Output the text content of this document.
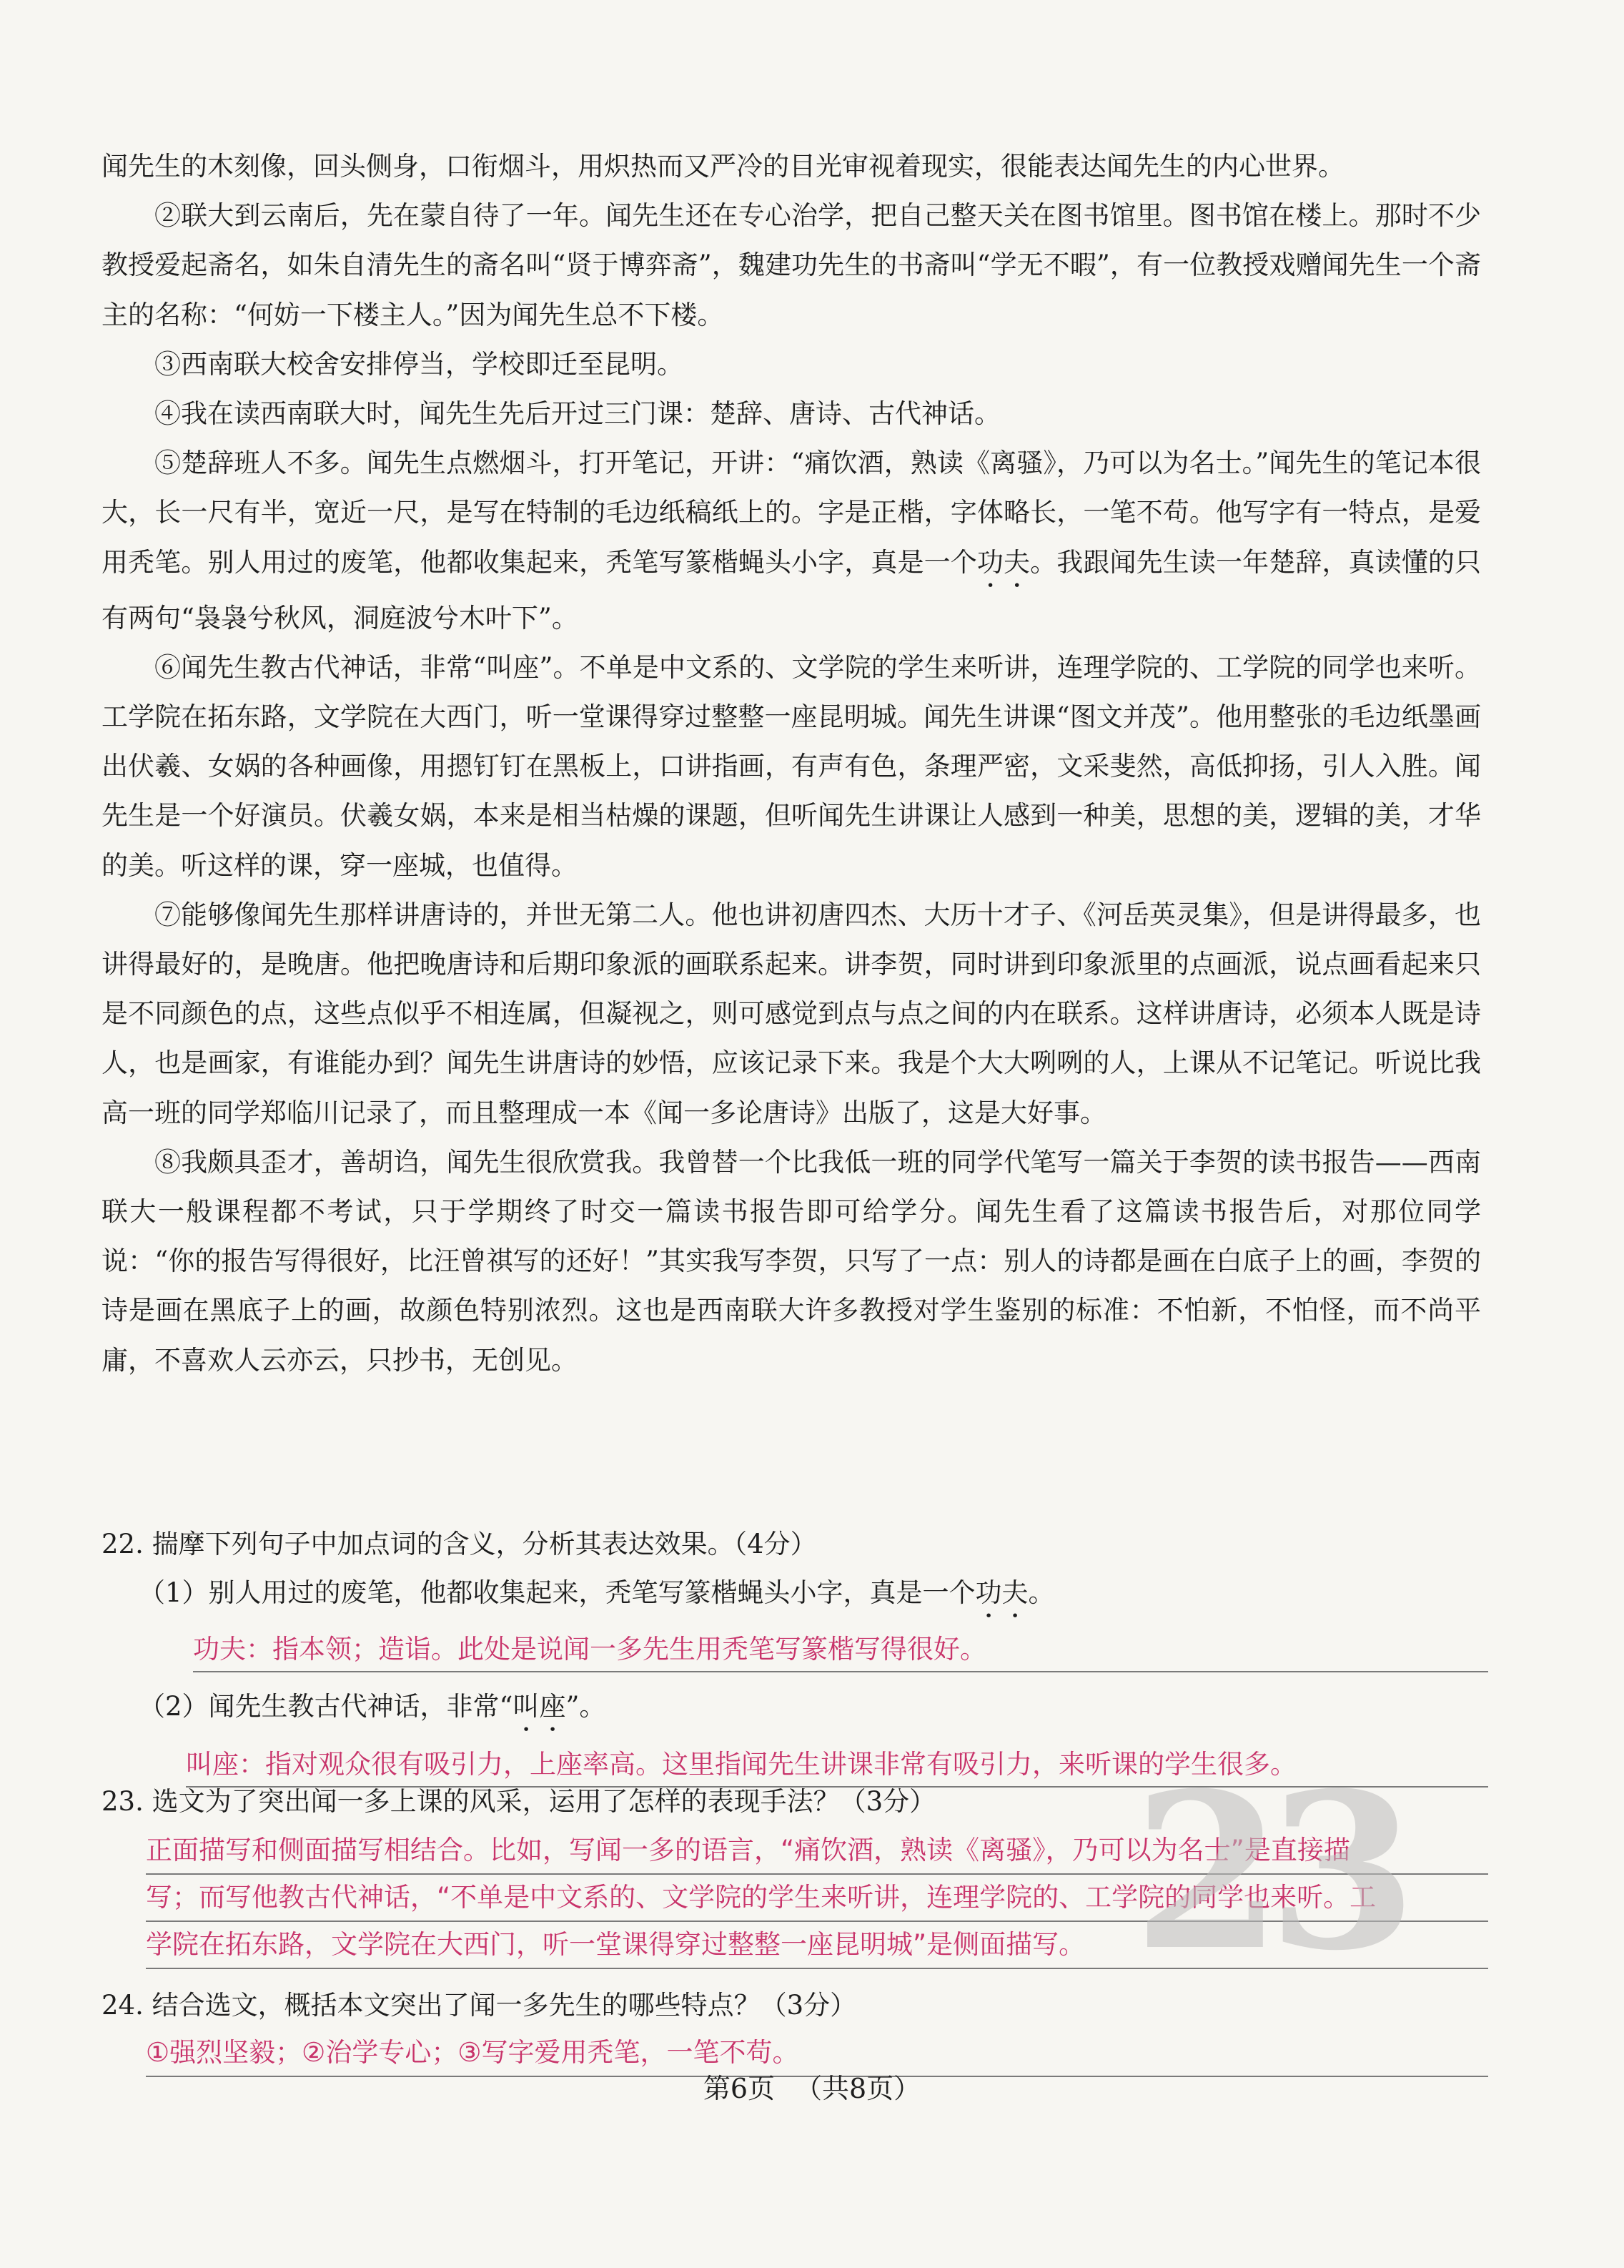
闻先生的木刻像，回头侧身，口衔烟斗，用炽热而又严冷的目光审视着现实，很能表达闻先生的内心世界。

②联大到云南后，先在蒙自待了一年。闻先生还在专心治学，把自己整天关在图书馆里。图书馆在楼上。那时不少教授爱起斋名，如朱自清先生的斋名叫“贤于博弈斋”，魏建功先生的书斋叫“学无不暇”，有一位教授戏赠闻先生一个斋主的名称：“何妨一下楼主人。”因为闻先生总不下楼。

③西南联大校舍安排停当，学校即迁至昆明。

④我在读西南联大时，闻先生先后开过三门课：楚辞、唐诗、古代神话。

⑤楚辞班人不多。闻先生点燃烟斗，打开笔记，开讲：“痛饮酒，熟读《离骚》，乃可以为名士。”闻先生的笔记本很大，长一尺有半，宽近一尺，是写在特制的毛边纸稿纸上的。字是正楷，字体略长，一笔不苟。他写字有一特点，是爱用秃笔。别人用过的废笔，他都收集起来，秃笔写篆楷蝇头小字，真是一个功夫。我跟闻先生读一年楚辞，真读懂的只有两句“袅袅兮秋风，洞庭波兮木叶下”。

⑥闻先生教古代神话，非常“叫座”。不单是中文系的、文学院的学生来听讲，连理学院的、工学院的同学也来听。工学院在拓东路，文学院在大西门，听一堂课得穿过整整一座昆明城。闻先生讲课“图文并茂”。他用整张的毛边纸墨画出伏羲、女娲的各种画像，用摁钉钉在黑板上，口讲指画，有声有色，条理严密，文采斐然，高低抑扬，引人入胜。闻先生是一个好演员。伏羲女娲，本来是相当枯燥的课题，但听闻先生讲课让人感到一种美，思想的美，逻辑的美，才华的美。听这样的课，穿一座城，也值得。

⑦能够像闻先生那样讲唐诗的，并世无第二人。他也讲初唐四杰、大历十才子、《河岳英灵集》，但是讲得最多，也讲得最好的，是晚唐。他把晚唐诗和后期印象派的画联系起来。讲李贺，同时讲到印象派里的点画派，说点画看起来只是不同颜色的点，这些点似乎不相连属，但凝视之，则可感觉到点与点之间的内在联系。这样讲唐诗，必须本人既是诗人，也是画家，有谁能办到？闻先生讲唐诗的妙悟，应该记录下来。我是个大大咧咧的人，上课从不记笔记。听说比我高一班的同学郑临川记录了，而且整理成一本《闻一多论唐诗》出版了，这是大好事。

⑧我颇具歪才，善胡诌，闻先生很欣赏我。我曾替一个比我低一班的同学代笔写一篇关于李贺的读书报告——西南联大一般课程都不考试，只于学期终了时交一篇读书报告即可给学分。闻先生看了这篇读书报告后，对那位同学说：“你的报告写得很好，比汪曾祺写的还好！”其实我写李贺，只写了一点：别人的诗都是画在白底子上的画，李贺的诗是画在黑底子上的画，故颜色特别浓烈。这也是西南联大许多教授对学生鉴别的标准：不怕新，不怕怪，而不尚平庸，不喜欢人云亦云，只抄书，无创见。

22. 揣摩下列句子中加点词的含义，分析其表达效果。（4分）

（1）别人用过的废笔，他都收集起来，秃笔写篆楷蝇头小字，真是一个功夫。

功夫：指本领；造诣。此处是说闻一多先生用秃笔写篆楷写得很好。

（2）闻先生教古代神话，非常“叫座”。

叫座：指对观众很有吸引力，上座率高。这里指闻先生讲课非常有吸引力，来听课的学生很多。

23. 选文为了突出闻一多上课的风采，运用了怎样的表现手法？（3分）

正面描写和侧面描写相结合。比如，写闻一多的语言，“痛饮酒，熟读《离骚》，乃可以为名士”是直接描

写；而写他教古代神话，“不单是中文系的、文学院的学生来听讲，连理学院的、工学院的同学也来听。工

学院在拓东路，文学院在大西门，听一堂课得穿过整整一座昆明城”是侧面描写。 23

24. 结合选文，概括本文突出了闻一多先生的哪些特点？（3分）

①强烈坚毅；②治学专心；③写字爱用秃笔，一笔不苟。
第6页 （共8页）
